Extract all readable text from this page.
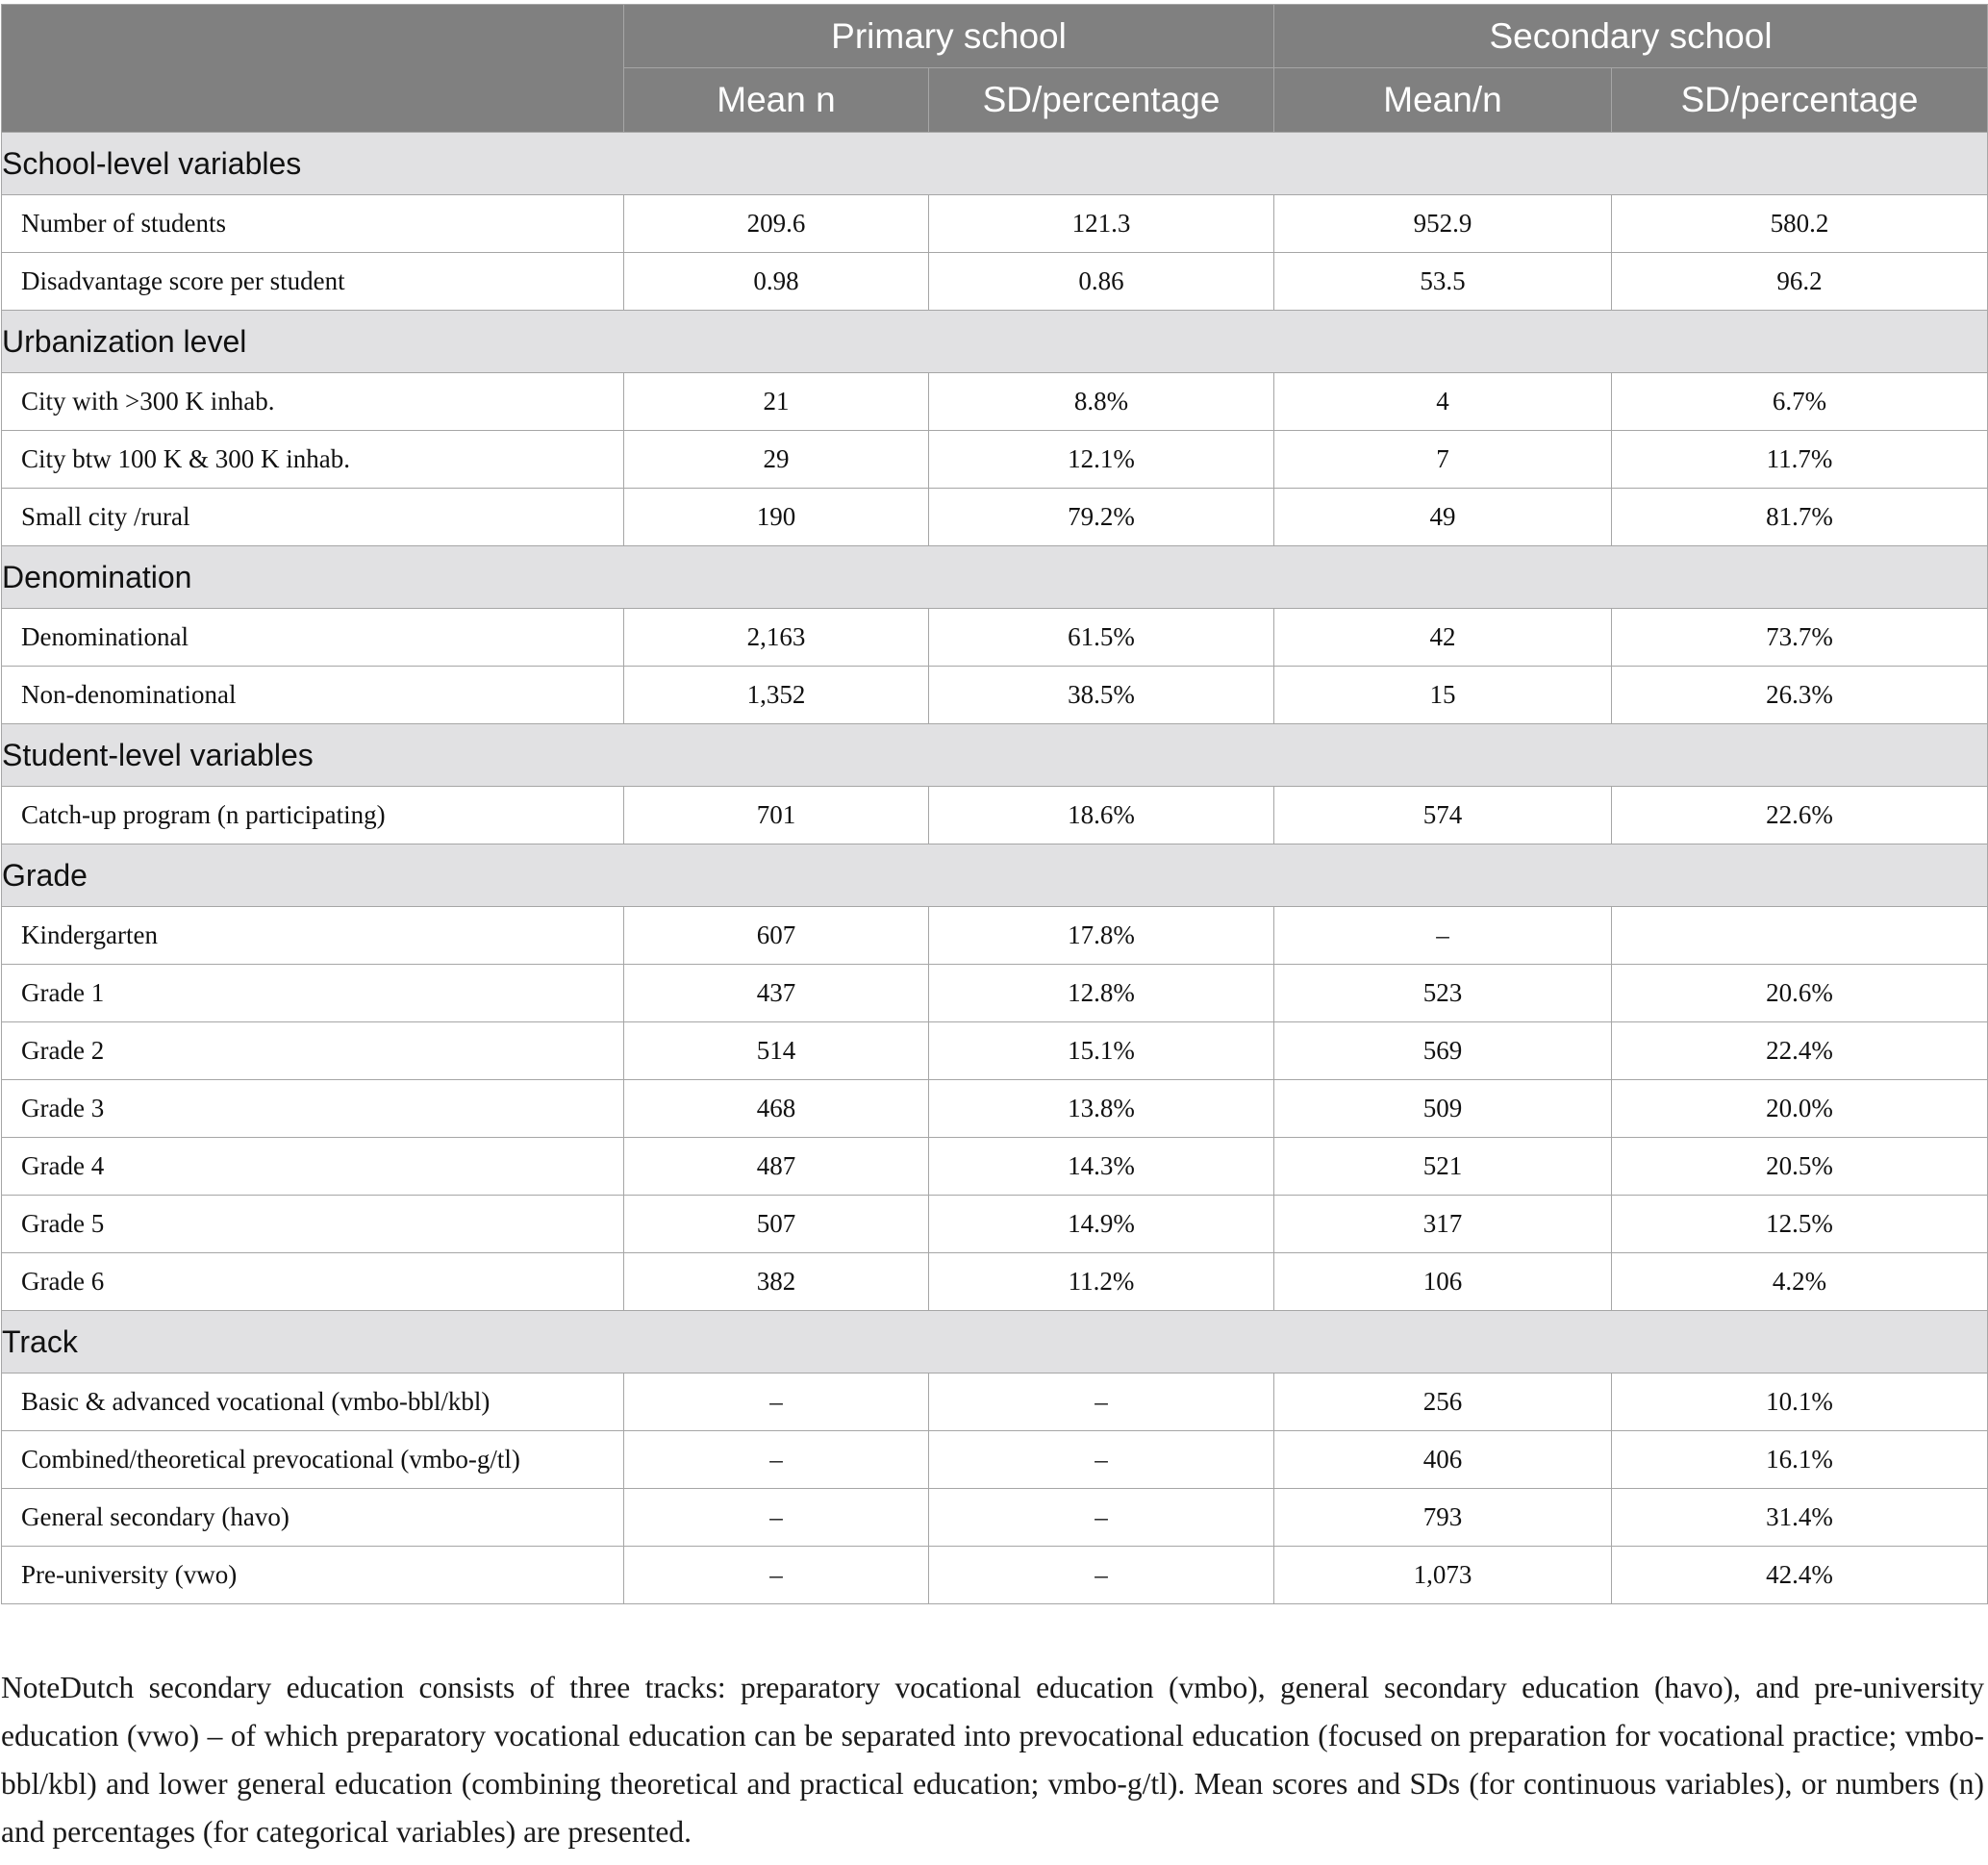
	Primary school		Secondary school	
	Mean n	SD/percentage	Mean/n	SD/percentage
School-level variables				
Number of students	209.6	121.3	952.9	580.2
Disadvantage score per student	0.98	0.86	53.5	96.2
Urbanization level				
City with >300 K inhab.	21	8.8%	4	6.7%
City btw 100 K & 300 K inhab.	29	12.1%	7	11.7%
Small city /rural	190	79.2%	49	81.7%
Denomination				
Denominational	2,163	61.5%	42	73.7%
Non-denominational	1,352	38.5%	15	26.3%
Student-level variables				
Catch-up program (n participating)	701	18.6%	574	22.6%
Grade				
Kindergarten	607	17.8%	–	
Grade 1	437	12.8%	523	20.6%
Grade 2	514	15.1%	569	22.4%
Grade 3	468	13.8%	509	20.0%
Grade 4	487	14.3%	521	20.5%
Grade 5	507	14.9%	317	12.5%
Grade 6	382	11.2%	106	4.2%
Track				
Basic & advanced vocational (vmbo-bbl/kbl)	–	–	256	10.1%
Combined/theoretical prevocational (vmbo-g/tl)	–	–	406	16.1%
General secondary (havo)	–	–	793	31.4%
Pre-university (vwo)	–	–	1,073	42.4%

NoteDutch secondary education consists of three tracks: preparatory vocational education (vmbo), general secondary education (havo), and pre-university education (vwo) – of which preparatory vocational education can be separated into prevocational education (focused on preparation for vocational practice; vmbo-bbl/kbl) and lower general education (combining theoretical and practical education; vmbo-g/tl). Mean scores and SDs (for continuous variables), or numbers (n) and percentages (for categorical variables) are presented.
